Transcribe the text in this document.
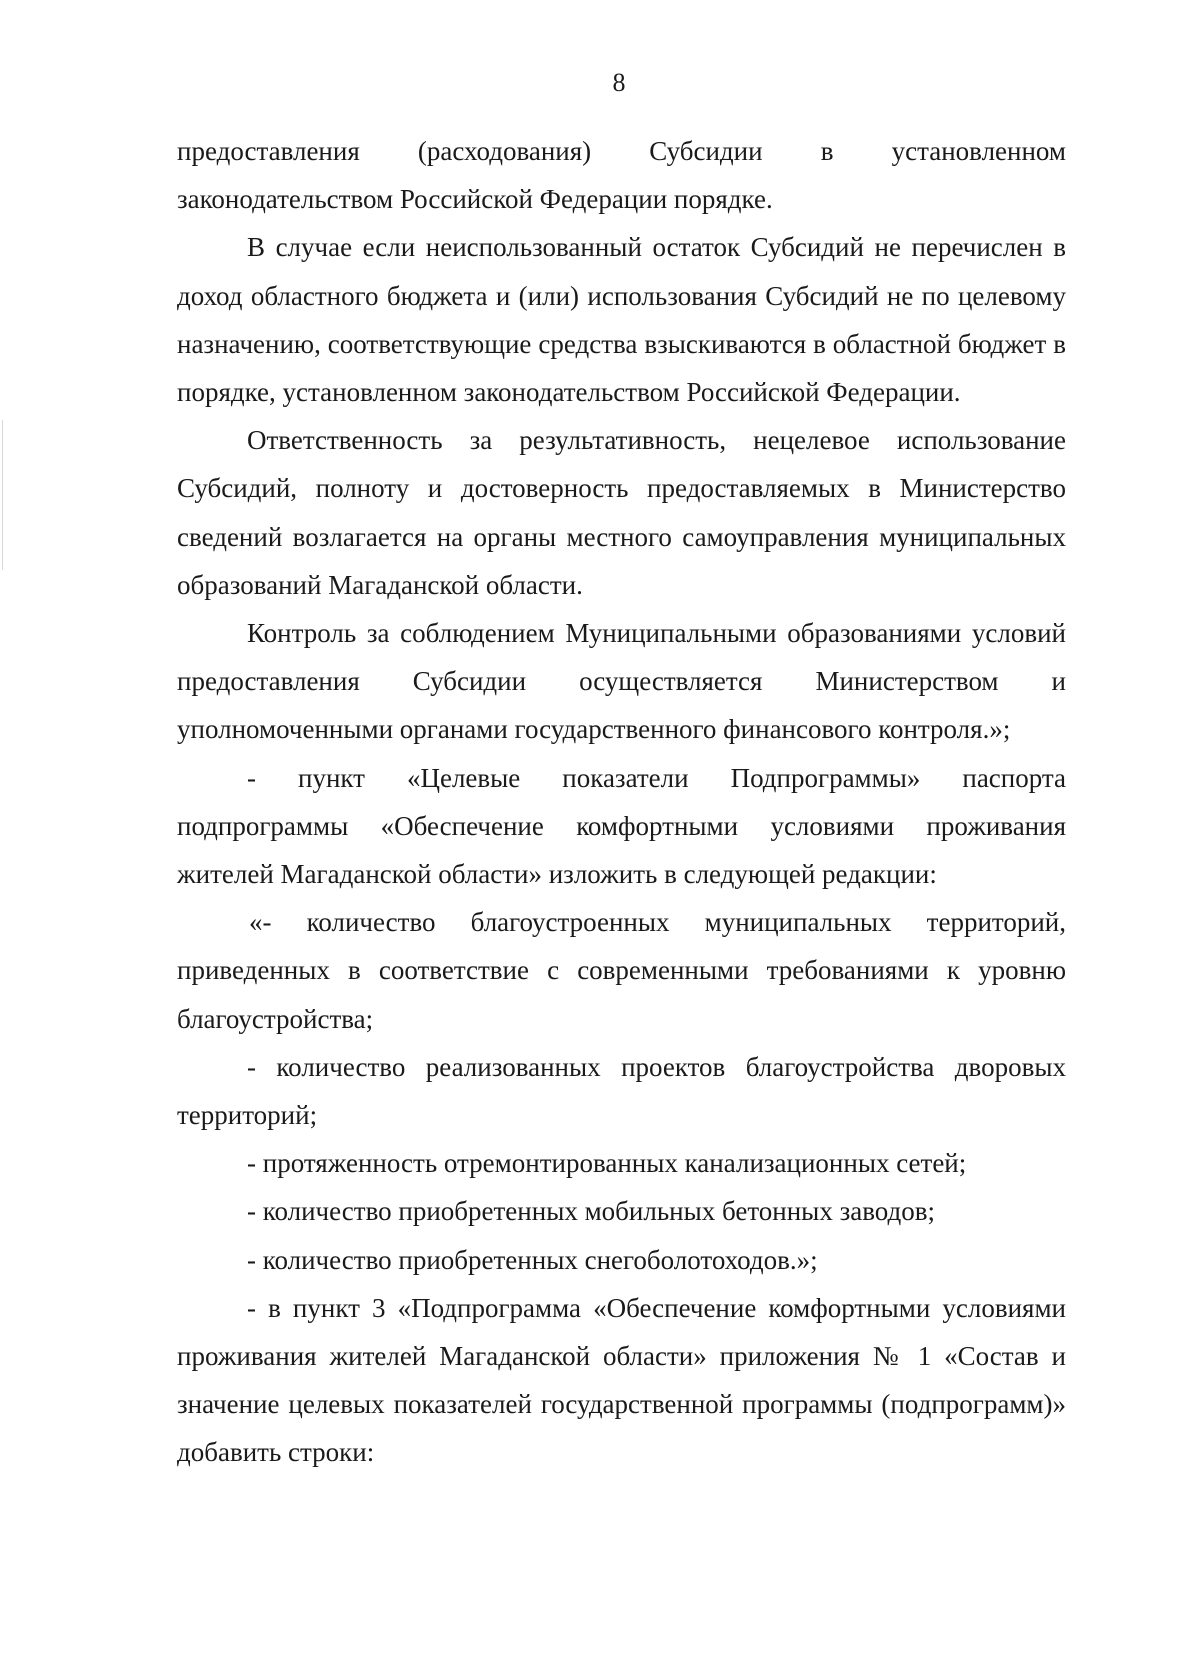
8

предоставления (расходования) Субсидии в установленном законодательством Российской Федерации порядке.

В случае если неиспользованный остаток Субсидий не перечислен в доход областного бюджета и (или) использования Субсидий не по целевому назначению, соответствующие средства взыскиваются в областной бюджет в порядке, установленном законодательством Российской Федерации.

Ответственность за результативность, нецелевое использование Субсидий, полноту и достоверность предоставляемых в Министерство сведений возлагается на органы местного самоуправления муниципальных образований Магаданской области.

Контроль за соблюдением Муниципальными образованиями условий предоставления Субсидии осуществляется Министерством и уполномоченными органами государственного финансового контроля.»;

- пункт «Целевые показатели Подпрограммы» паспорта подпрограммы «Обеспечение комфортными условиями проживания жителей Магаданской области» изложить в следующей редакции:

«- количество благоустроенных муниципальных территорий, приведенных в соответствие с современными требованиями к уровню благоустройства;

- количество реализованных проектов благоустройства дворовых территорий;

- протяженность отремонтированных канализационных сетей;

- количество приобретенных мобильных бетонных заводов;

- количество приобретенных снегоболотоходов.»;

- в пункт 3 «Подпрограмма «Обеспечение комфортными условиями проживания жителей Магаданской области» приложения № 1 «Состав и значение целевых показателей государственной программы (подпрограмм)» добавить строки:
